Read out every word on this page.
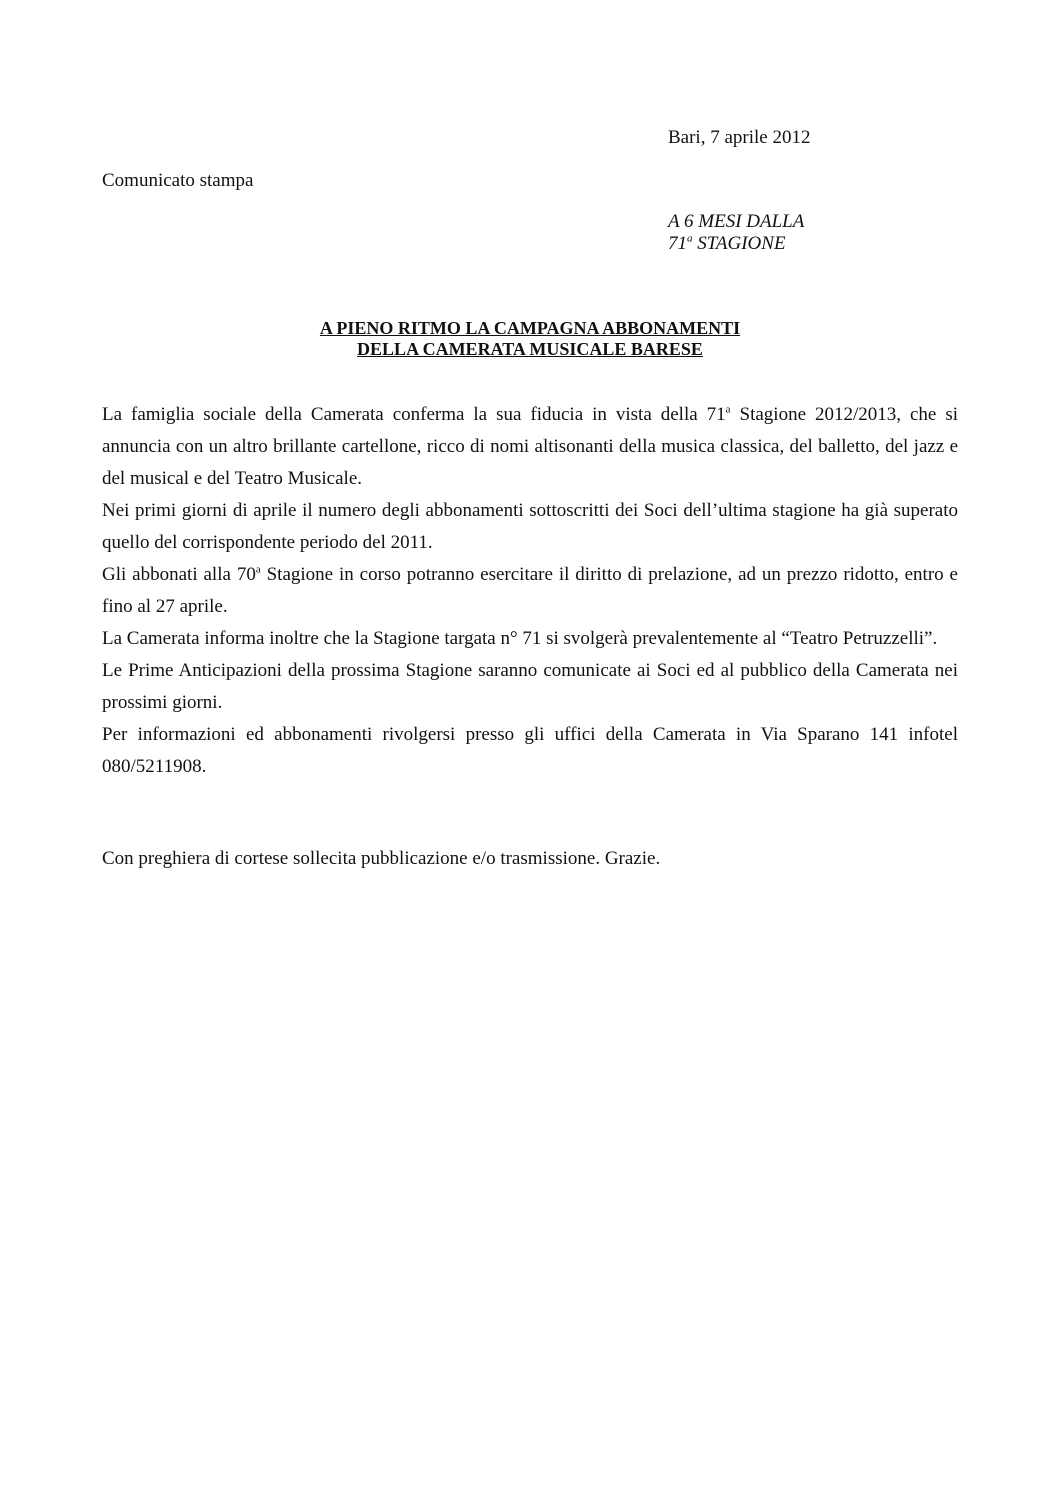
Bari, 7 aprile 2012
Comunicato stampa
A 6 MESI DALLA
71$^a$ STAGIONE
A PIENO RITMO LA CAMPAGNA ABBONAMENTI
DELLA CAMERATA MUSICALE BARESE

La famiglia sociale della Camerata conferma la sua fiducia in vista della 71$^a$ Stagione 2012/2013, che si annuncia con un altro brillante cartellone, ricco di nomi altisonanti della musica classica, del balletto, del jazz e del musical e del Teatro Musicale.

Nei primi giorni di aprile il numero degli abbonamenti sottoscritti dei Soci dell’ultima stagione ha già superato quello del corrispondente periodo del 2011.

Gli abbonati alla 70$^a$ Stagione in corso potranno esercitare il diritto di prelazione, ad un prezzo ridotto, entro e fino al 27 aprile.

La Camerata informa inoltre che la Stagione targata n° 71 si svolgerà prevalentemente al “Teatro Petruzzelli”.

Le Prime Anticipazioni della prossima Stagione saranno comunicate ai Soci ed al pubblico della Camerata nei prossimi giorni.

Per informazioni ed abbonamenti rivolgersi presso gli uffici della Camerata in Via Sparano 141 infotel 080/5211908.

Con preghiera di cortese sollecita pubblicazione e/o trasmissione. Grazie.
